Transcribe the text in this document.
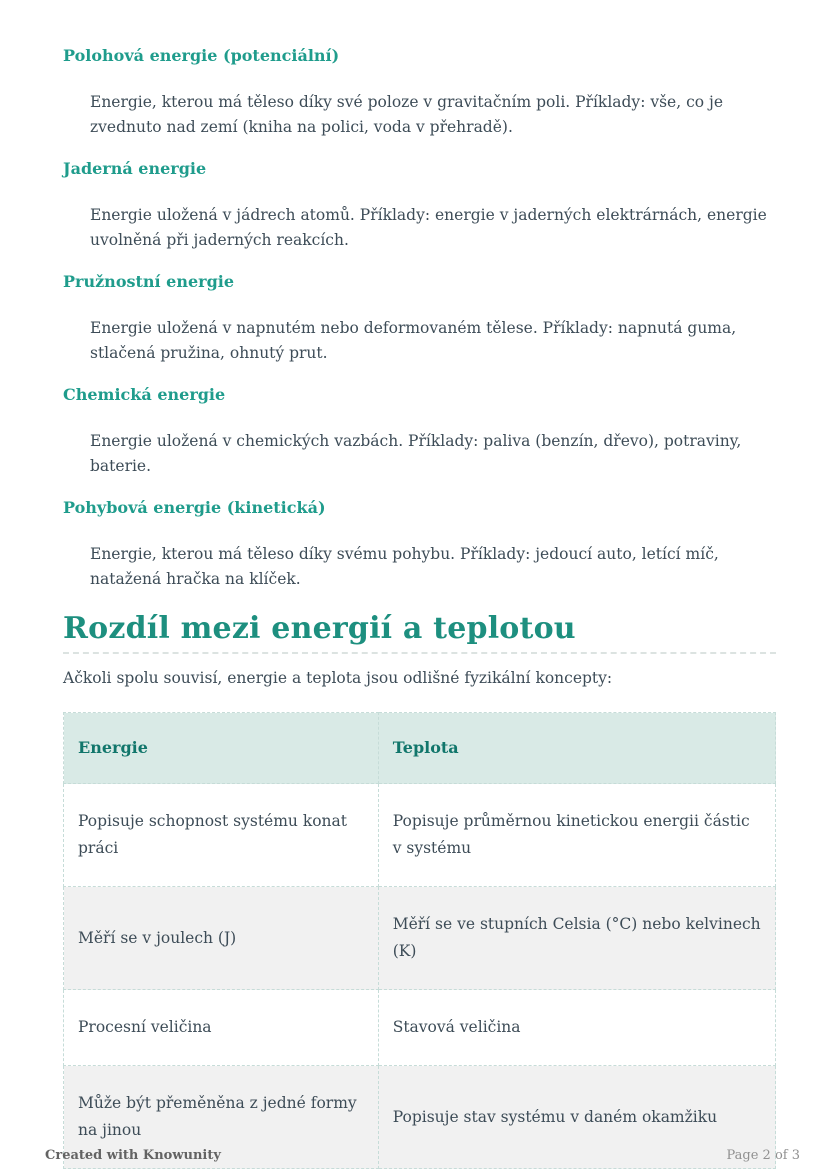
Polohová energie (potenciální)

Energie, kterou má těleso díky své poloze v gravitačním poli. Příklady: vše, co je zvednuto nad zemí (kniha na polici, voda v přehradě).

Jaderná energie

Energie uložená v jádrech atomů. Příklady: energie v jaderných elektrárnách, energie uvolněná při jaderných reakcích.

Pružnostní energie

Energie uložená v napnutém nebo deformovaném tělese. Příklady: napnutá guma, stlačená pružina, ohnutý prut.

Chemická energie

Energie uložená v chemických vazbách. Příklady: paliva (benzín, dřevo), potraviny, baterie.

Pohybová energie (kinetická)

Energie, kterou má těleso díky svému pohybu. Příklady: jedoucí auto, letící míč, natažená hračka na klíček.

Rozdíl mezi energií a teplotou

Ačkoli spolu souvisí, energie a teplota jsou odlišné fyzikální koncepty:

Energie	Teplota
Popisuje schopnost systému konat práci	Popisuje průměrnou kinetickou energii částic v systému
Měří se v joulech (J)	Měří se ve stupních Celsia (°C) nebo kelvinech (K)
Procesní veličina	Stavová veličina
Může být přeměněna z jedné formy na jinou	Popisuje stav systému v daném okamžiku
Created with Knowunity	Page 2 of 3
